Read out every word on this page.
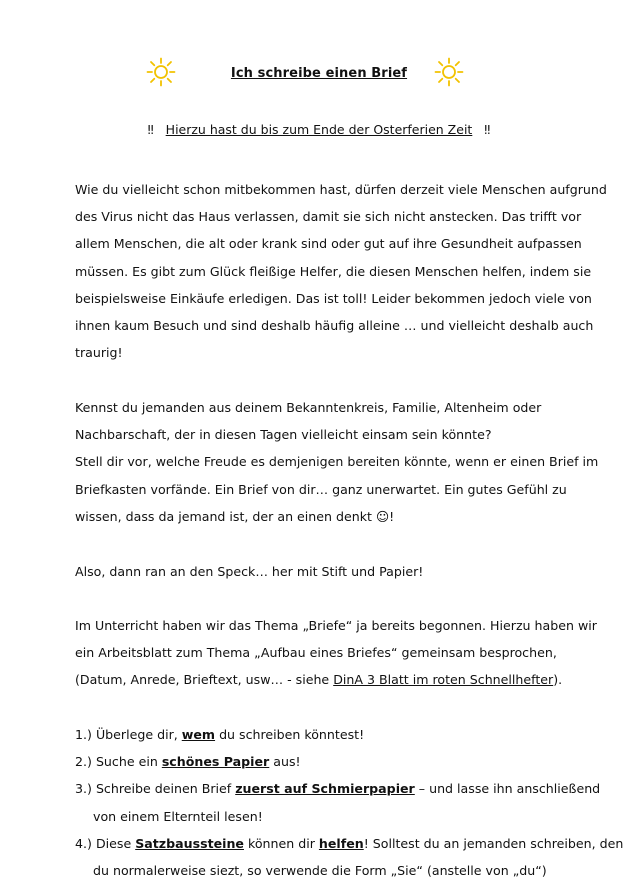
Ich schreibe einen Brief
‼ Hierzu hast du bis zum Ende der Osterferien Zeit ‼
Wie du vielleicht schon mitbekommen hast, dürfen derzeit viele Menschen aufgrund
des Virus nicht das Haus verlassen, damit sie sich nicht anstecken. Das trifft vor
allem Menschen, die alt oder krank sind oder gut auf ihre Gesundheit aufpassen
müssen. Es gibt zum Glück fleißige Helfer, die diesen Menschen helfen, indem sie
beispielsweise Einkäufe erledigen. Das ist toll! Leider bekommen jedoch viele von
ihnen kaum Besuch und sind deshalb häufig alleine … und vielleicht deshalb auch
traurig!
Kennst du jemanden aus deinem Bekanntenkreis, Familie, Altenheim oder
Nachbarschaft, der in diesen Tagen vielleicht einsam sein könnte?
Stell dir vor, welche Freude es demjenigen bereiten könnte, wenn er einen Brief im
Briefkasten vorfände. Ein Brief von dir… ganz unerwartet. Ein gutes Gefühl zu
wissen, dass da jemand ist, der an einen denkt ☺!
Also, dann ran an den Speck… her mit Stift und Papier!
Im Unterricht haben wir das Thema „Briefe“ ja bereits begonnen. Hierzu haben wir
ein Arbeitsblatt zum Thema „Aufbau eines Briefes“ gemeinsam besprochen,
(Datum, Anrede, Brieftext, usw… - siehe DinA 3 Blatt im roten Schnellhefter).
1.) Überlege dir, wem du schreiben könntest!
2.) Suche ein schönes Papier aus!
3.) Schreibe deinen Brief zuerst auf Schmierpapier – und lasse ihn anschließend
von einem Elternteil lesen!
4.) Diese Satzbaussteine können dir helfen! Solltest du an jemanden schreiben, den
du normalerweise siezt, so verwende die Form „Sie“ (anstelle von „du“)
